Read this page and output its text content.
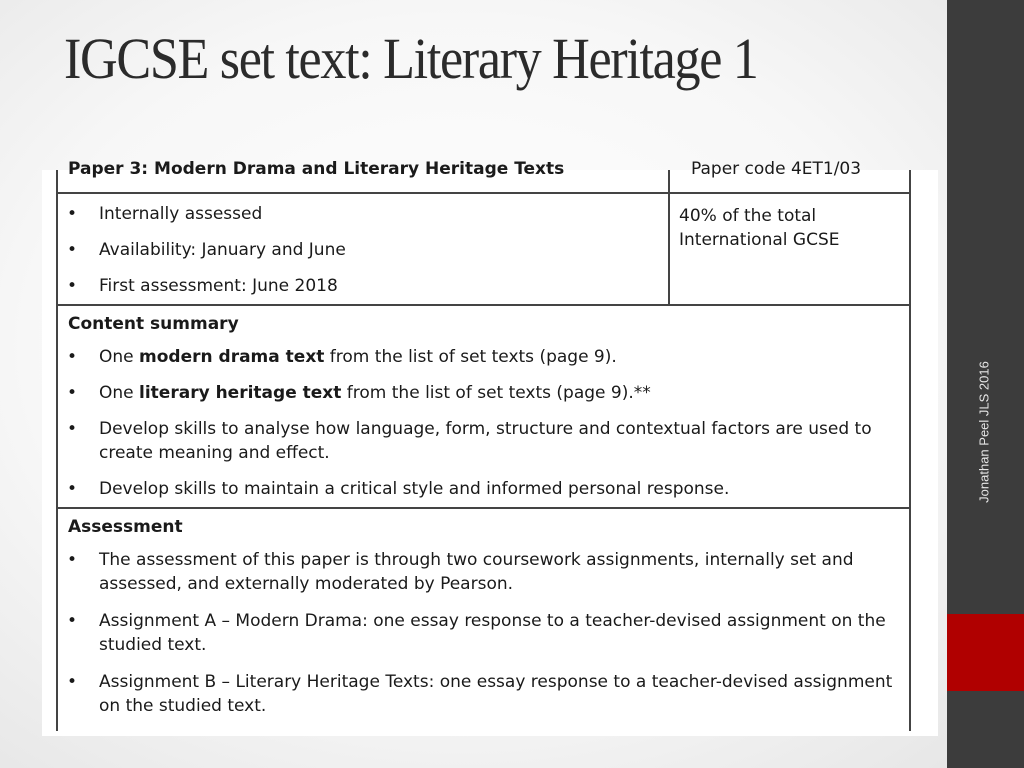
IGCSE set text: Literary Heritage 1
Paper 3: Modern Drama and Literary Heritage Texts	Paper code 4ET1/03
• Internally assessed
• Availability: January and June
• First assessment: June 2018
40% of the total International GCSE
Content summary
• One modern drama text from the list of set texts (page 9).
• One literary heritage text from the list of set texts (page 9).**
• Develop skills to analyse how language, form, structure and contextual factors are used to create meaning and effect.
• Develop skills to maintain a critical style and informed personal response.
Assessment
• The assessment of this paper is through two coursework assignments, internally set and assessed, and externally moderated by Pearson.
• Assignment A – Modern Drama: one essay response to a teacher-devised assignment on the studied text.
• Assignment B – Literary Heritage Texts: one essay response to a teacher-devised assignment on the studied text.
Jonathan Peel JLS 2016
